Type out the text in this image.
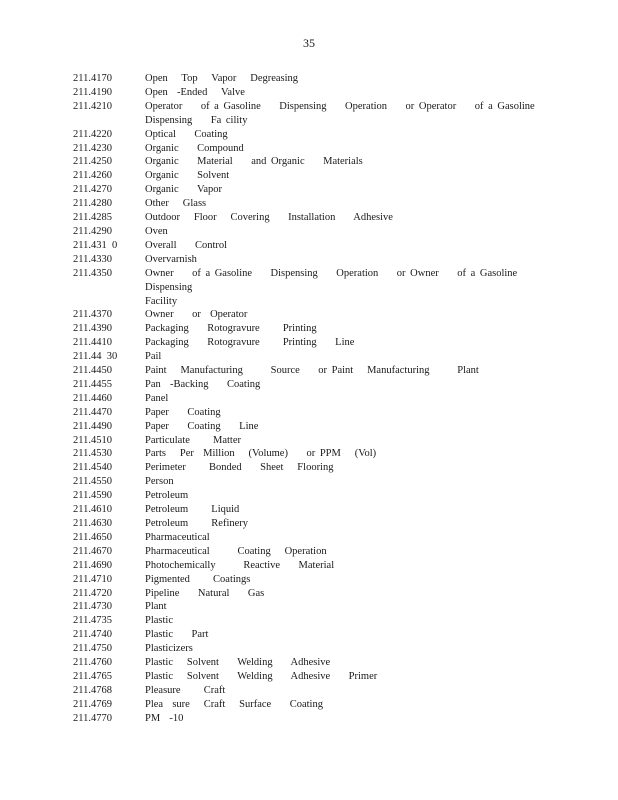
35
211.4170	Open   Top   Vapor   Degreasing
211.4190	Open  -Ended   Valve
211.4210	Operator    of a Gasoline    Dispensing    Operation    or Operator    of a Gasoline
Dispensing    Fa cility
211.4220	Optical    Coating
211.4230	Organic    Compound
211.4250	Organic    Material    and Organic    Materials
211.4260	Organic    Solvent
211.4270	Organic    Vapor
211.4280	Other   Glass
211.4285	Outdoor   Floor   Covering    Installation    Adhesive
211.4290	Oven
211.431  0	Overall    Control
211.4330	Overvarnish
211.4350	Owner    of a Gasoline    Dispensing    Operation    or Owner    of a Gasoline    Dispensing
Facility
211.4370	Owner    or  Operator
211.4390	Packaging    Rotogravure     Printing
211.4410	Packaging    Rotogravure     Printing    Line
211.44  30	Pail
211.4450	Paint   Manufacturing      Source    or Paint   Manufacturing      Plant
211.4455	Pan  -Backing    Coating
211.4460	Panel
211.4470	Paper    Coating
211.4490	Paper    Coating    Line
211.4510	Particulate     Matter
211.4530	Parts   Per  Million   (Volume)    or PPM   (Vol)
211.4540	Perimeter     Bonded    Sheet   Flooring
211.4550	Person
211.4590	Petroleum
211.4610	Petroleum     Liquid
211.4630	Petroleum     Refinery
211.4650	Pharmaceutical
211.4670	Pharmaceutical      Coating   Operation
211.4690	Photochemically      Reactive    Material
211.4710	Pigmented     Coatings
211.4720	Pipeline    Natural    Gas
211.4730	Plant
211.4735	Plastic
211.4740	Plastic    Part
211.4750	Plasticizers
211.4760	Plastic   Solvent    Welding    Adhesive
211.4765	Plastic   Solvent    Welding    Adhesive    Primer
211.4768	Pleasure     Craft
211.4769	Plea  sure   Craft   Surface    Coating
211.4770	PM  -10
